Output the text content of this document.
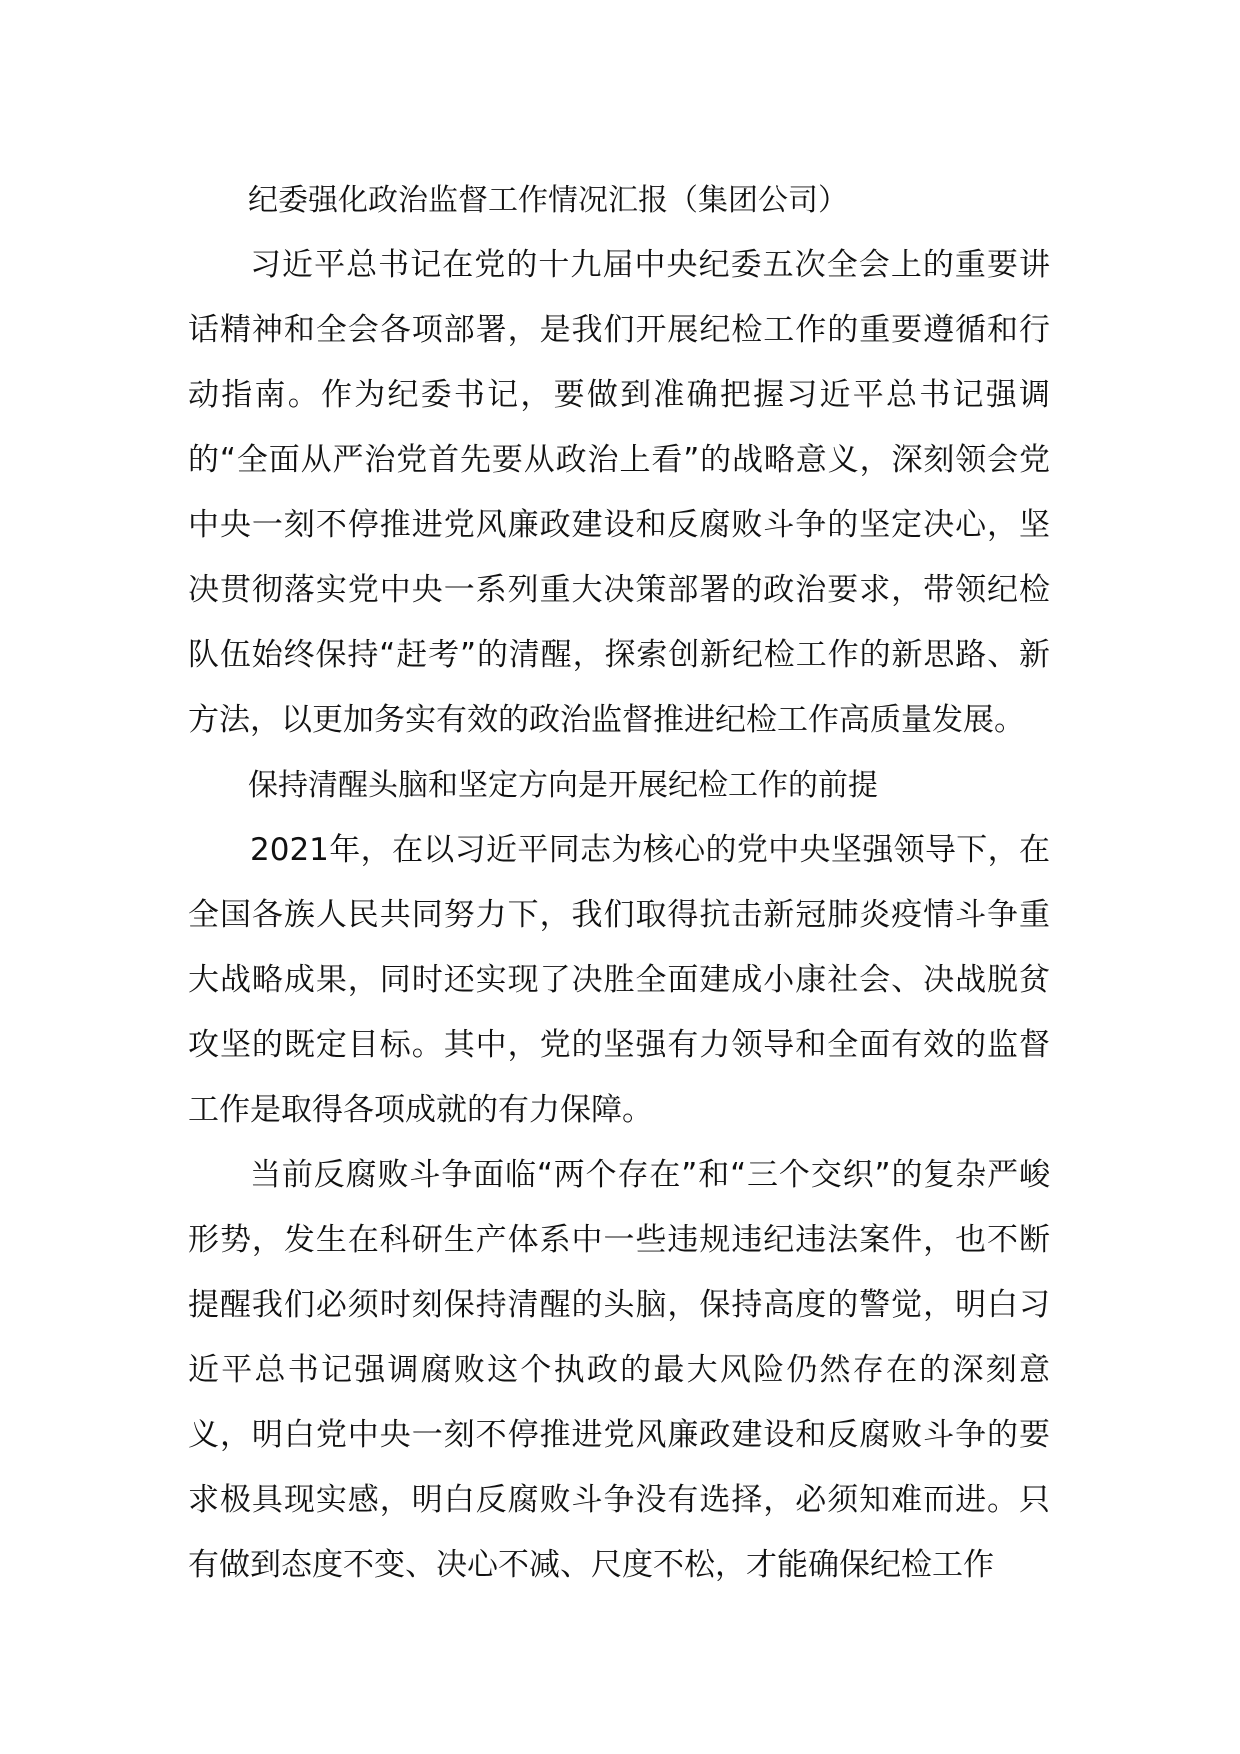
纪委强化政治监督工作情况汇报（集团公司）

习近平总书记在党的十九届中央纪委五次全会上的重要讲话精神和全会各项部署，是我们开展纪检工作的重要遵循和行动指南。作为纪委书记，要做到准确把握习近平总书记强调的“全面从严治党首先要从政治上看”的战略意义，深刻领会党中央一刻不停推进党风廉政建设和反腐败斗争的坚定决心，坚决贯彻落实党中央一系列重大决策部署的政治要求，带领纪检队伍始终保持“赶考”的清醒，探索创新纪检工作的新思路、新方法，以更加务实有效的政治监督推进纪检工作高质量发展。

保持清醒头脑和坚定方向是开展纪检工作的前提

2021年，在以习近平同志为核心的党中央坚强领导下，在全国各族人民共同努力下，我们取得抗击新冠肺炎疫情斗争重大战略成果，同时还实现了决胜全面建成小康社会、决战脱贫攻坚的既定目标。其中，党的坚强有力领导和全面有效的监督工作是取得各项成就的有力保障。

当前反腐败斗争面临“两个存在”和“三个交织”的复杂严峻形势，发生在科研生产体系中一些违规违纪违法案件，也不断提醒我们必须时刻保持清醒的头脑，保持高度的警觉，明白习近平总书记强调腐败这个执政的最大风险仍然存在的深刻意义，明白党中央一刻不停推进党风廉政建设和反腐败斗争的要求极具现实感，明白反腐败斗争没有选择，必须知难而进。只有做到态度不变、决心不减、尺度不松，才能确保纪检工作
